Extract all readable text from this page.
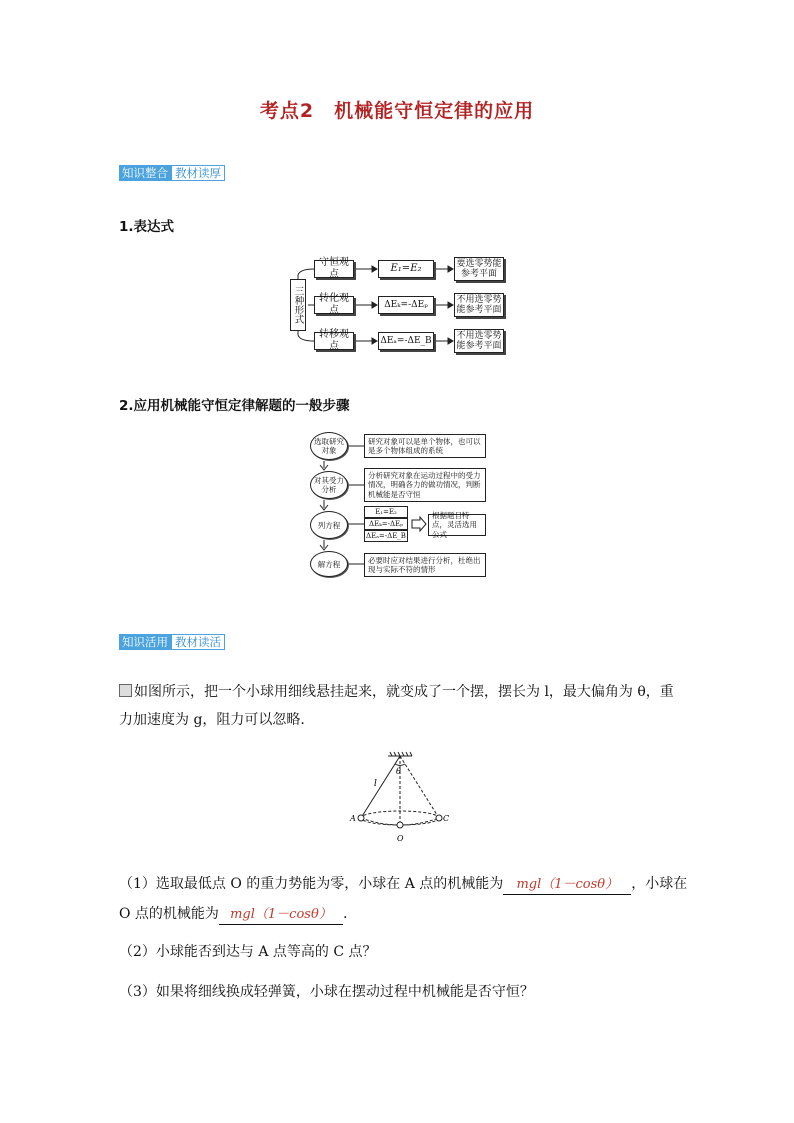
考点2　机械能守恒定律的应用
知识整合 教材读厚
1.表达式
三种形式
守恒观点
E₁=E₂	要选零势能参考平面
转化观点	ΔEₖ=-ΔEₚ
不用选零势能参考平面
转移观点	ΔEₐ=-ΔE_B
不用选零势能参考平面
2.应用机械能守恒定律解题的一般步骤
选取研究对象
研究对象可以是单个物体，也可以是多个物体组成的系统
对其受力分析
分析研究对象在运动过程中的受力情况，明确各力的做功情况，判断机械能是否守恒
列方程
E₁=E₂
ΔEₖ=-ΔEₚ
ΔEₐ=-ΔE_B
根据题目特点，灵活选用公式
解方程	必要时应对结果进行分析，杜绝出现与实际不符的情形
知识活用 教材读活
如图所示，把一个小球用细线悬挂起来，就变成了一个摆，摆长为 l，最大偏角为 θ，重
力加速度为 g，阻力可以忽略.
l
θ
A
O
C
（1）选取最低点 O 的重力势能为零，小球在 A 点的机械能为 mgl（1－cosθ） ，小球在
O 点的机械能为 mgl（1－cosθ） .
（2）小球能否到达与 A 点等高的 C 点？
（3）如果将细线换成轻弹簧，小球在摆动过程中机械能是否守恒？
